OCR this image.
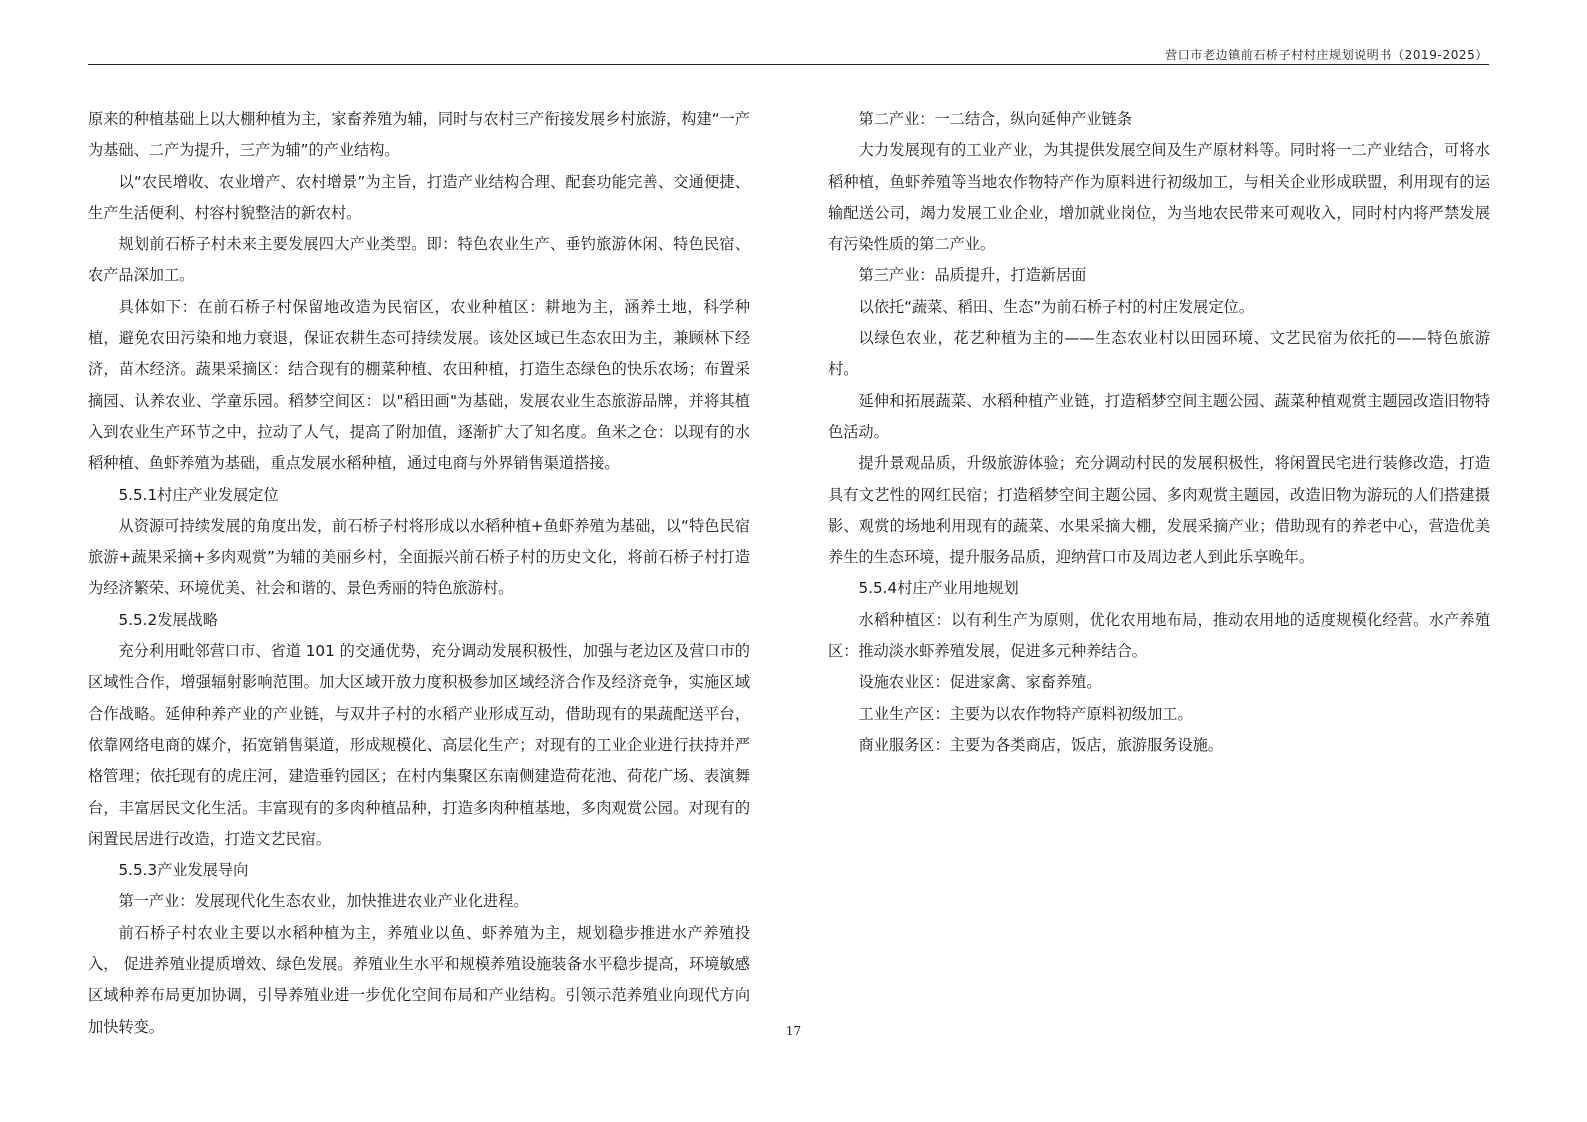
营口市老边镇前石桥子村村庄规划说明书（2019-2025）

原来的种植基础上以大棚种植为主，家畜养殖为辅，同时与农村三产衔接发展乡村旅游，构建“一产为基础、二产为提升，三产为辅”的产业结构。

以“农民增收、农业增产、农村增景”为主旨，打造产业结构合理、配套功能完善、交通便捷、生产生活便利、村容村貌整洁的新农村。

规划前石桥子村未来主要发展四大产业类型。即：特色农业生产、垂钓旅游休闲、特色民宿、农产品深加工。

具体如下：在前石桥子村保留地改造为民宿区，农业种植区：耕地为主，涵养土地，科学种植，避免农田污染和地力衰退，保证农耕生态可持续发展。该处区域已生态农田为主，兼顾林下经济，苗木经济。蔬果采摘区：结合现有的棚菜种植、农田种植，打造生态绿色的快乐农场；布置采摘园、认养农业、学童乐园。稻梦空间区：以"稻田画"为基础，发展农业生态旅游品牌，并将其植入到农业生产环节之中，拉动了人气，提高了附加值，逐渐扩大了知名度。鱼米之仓：以现有的水稻种植、鱼虾养殖为基础，重点发展水稻种植，通过电商与外界销售渠道搭接。

5.5.1村庄产业发展定位

从资源可持续发展的角度出发，前石桥子村将形成以水稻种植+鱼虾养殖为基础，以“特色民宿旅游+蔬果采摘+多肉观赏”为辅的美丽乡村，全面振兴前石桥子村的历史文化，将前石桥子村打造为经济繁荣、环境优美、社会和谐的、景色秀丽的特色旅游村。

5.5.2发展战略

充分利用毗邻营口市、省道 101 的交通优势，充分调动发展积极性，加强与老边区及营口市的区域性合作，增强辐射影响范围。加大区域开放力度积极参加区域经济合作及经济竞争，实施区域合作战略。延伸种养产业的产业链，与双井子村的水稻产业形成互动，借助现有的果蔬配送平台， 依靠网络电商的媒介，拓宽销售渠道，形成规模化、高层化生产；对现有的工业企业进行扶持并严格管理；依托现有的虎庄河，建造垂钓园区；在村内集聚区东南侧建造荷花池、荷花广场、表演舞台，丰富居民文化生活。丰富现有的多肉种植品种，打造多肉种植基地，多肉观赏公园。对现有的闲置民居进行改造，打造文艺民宿。

5.5.3产业发展导向

第一产业：发展现代化生态农业，加快推进农业产业化进程。

前石桥子村农业主要以水稻种植为主，养殖业以鱼、虾养殖为主，规划稳步推进水产养殖投入， 促进养殖业提质增效、绿色发展。养殖业生水平和规模养殖设施装备水平稳步提高，环境敏感区域种养布局更加协调，引导养殖业进一步优化空间布局和产业结构。引领示范养殖业向现代方向加快转变。

第二产业：一二结合，纵向延伸产业链条

大力发展现有的工业产业，为其提供发展空间及生产原材料等。同时将一二产业结合，可将水稻种植，鱼虾养殖等当地农作物特产作为原料进行初级加工，与相关企业形成联盟，利用现有的运输配送公司，竭力发展工业企业，增加就业岗位，为当地农民带来可观收入，同时村内将严禁发展有污染性质的第二产业。

第三产业：品质提升，打造新居面

以依托“蔬菜、稻田、生态”为前石桥子村的村庄发展定位。

以绿色农业，花艺种植为主的——生态农业村以田园环境、文艺民宿为依托的——特色旅游村。

延伸和拓展蔬菜、水稻种植产业链，打造稻梦空间主题公园、蔬菜种植观赏主题园改造旧物特色活动。

提升景观品质，升级旅游体验；充分调动村民的发展积极性，将闲置民宅进行装修改造，打造具有文艺性的网红民宿；打造稻梦空间主题公园、多肉观赏主题园，改造旧物为游玩的人们搭建摄影、观赏的场地利用现有的蔬菜、水果采摘大棚，发展采摘产业；借助现有的养老中心，营造优美养生的生态环境，提升服务品质，迎纳营口市及周边老人到此乐享晚年。

5.5.4村庄产业用地规划

水稻种植区：以有利生产为原则，优化农用地布局，推动农用地的适度规模化经营。水产养殖区：推动淡水虾养殖发展，促进多元种养结合。

设施农业区：促进家禽、家畜养殖。

工业生产区：主要为以农作物特产原料初级加工。

商业服务区：主要为各类商店，饭店，旅游服务设施。

17
